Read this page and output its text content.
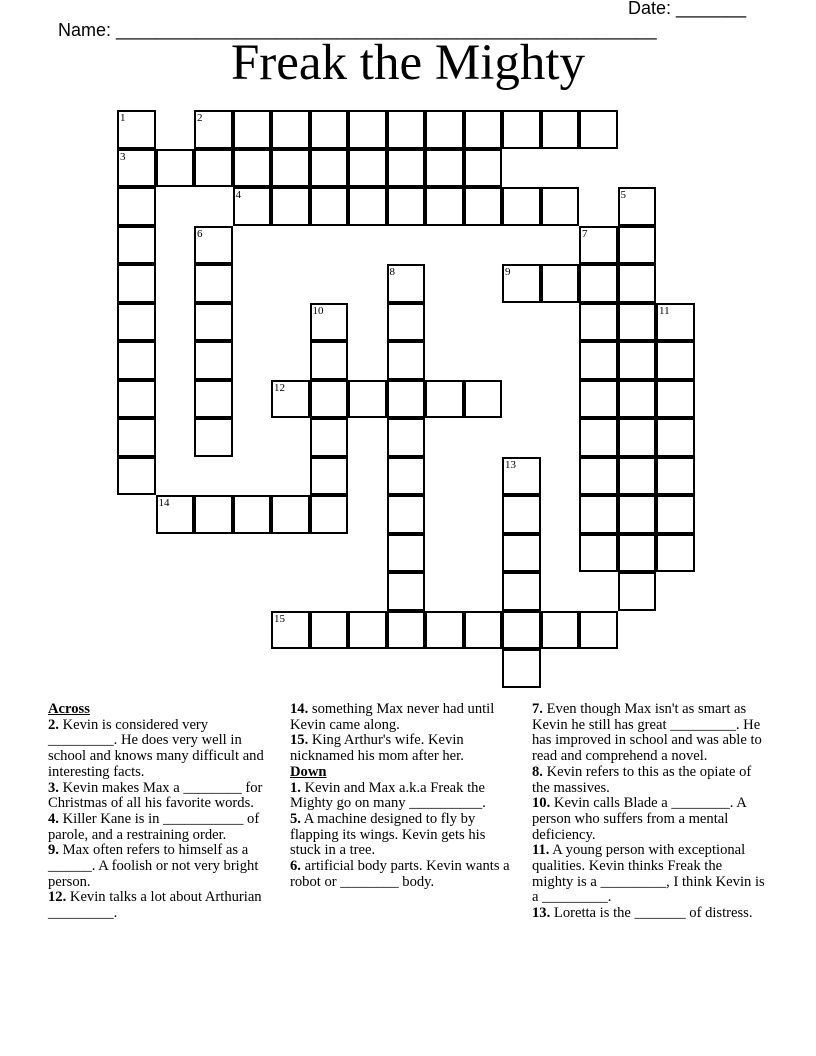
Name: ______________________________________________________

Date: _______

Freak the Mighty
2
3
4
9
12
14
15
1
5
6	7
8
10	11
13
Across
2. Kevin is considered very _________. He does very well in school and knows many difficult and interesting facts.
3. Kevin makes Max a ________ for Christmas of all his favorite words.
4. Killer Kane is in ___________ of parole, and a restraining order.
9. Max often refers to himself as a ______. A foolish or not very bright person.
12. Kevin talks a lot about Arthurian _________.
14. something Max never had until Kevin came along.
15. King Arthur's wife. Kevin nicknamed his mom after her.
Down
1. Kevin and Max a.k.a Freak the Mighty go on many __________.
5. A machine designed to fly by flapping its wings. Kevin gets his stuck in a tree.
6. artificial body parts. Kevin wants a robot or ________ body.
7. Even though Max isn't as smart as Kevin he still has great _________. He has improved in school and was able to read and comprehend a novel.
8. Kevin refers to this as the opiate of the massives.
10. Kevin calls Blade a ________. A person who suffers from a mental deficiency.
11. A young person with exceptional qualities. Kevin thinks Freak the mighty is a _________, I think Kevin is a _________.
13. Loretta is the _______ of distress.
